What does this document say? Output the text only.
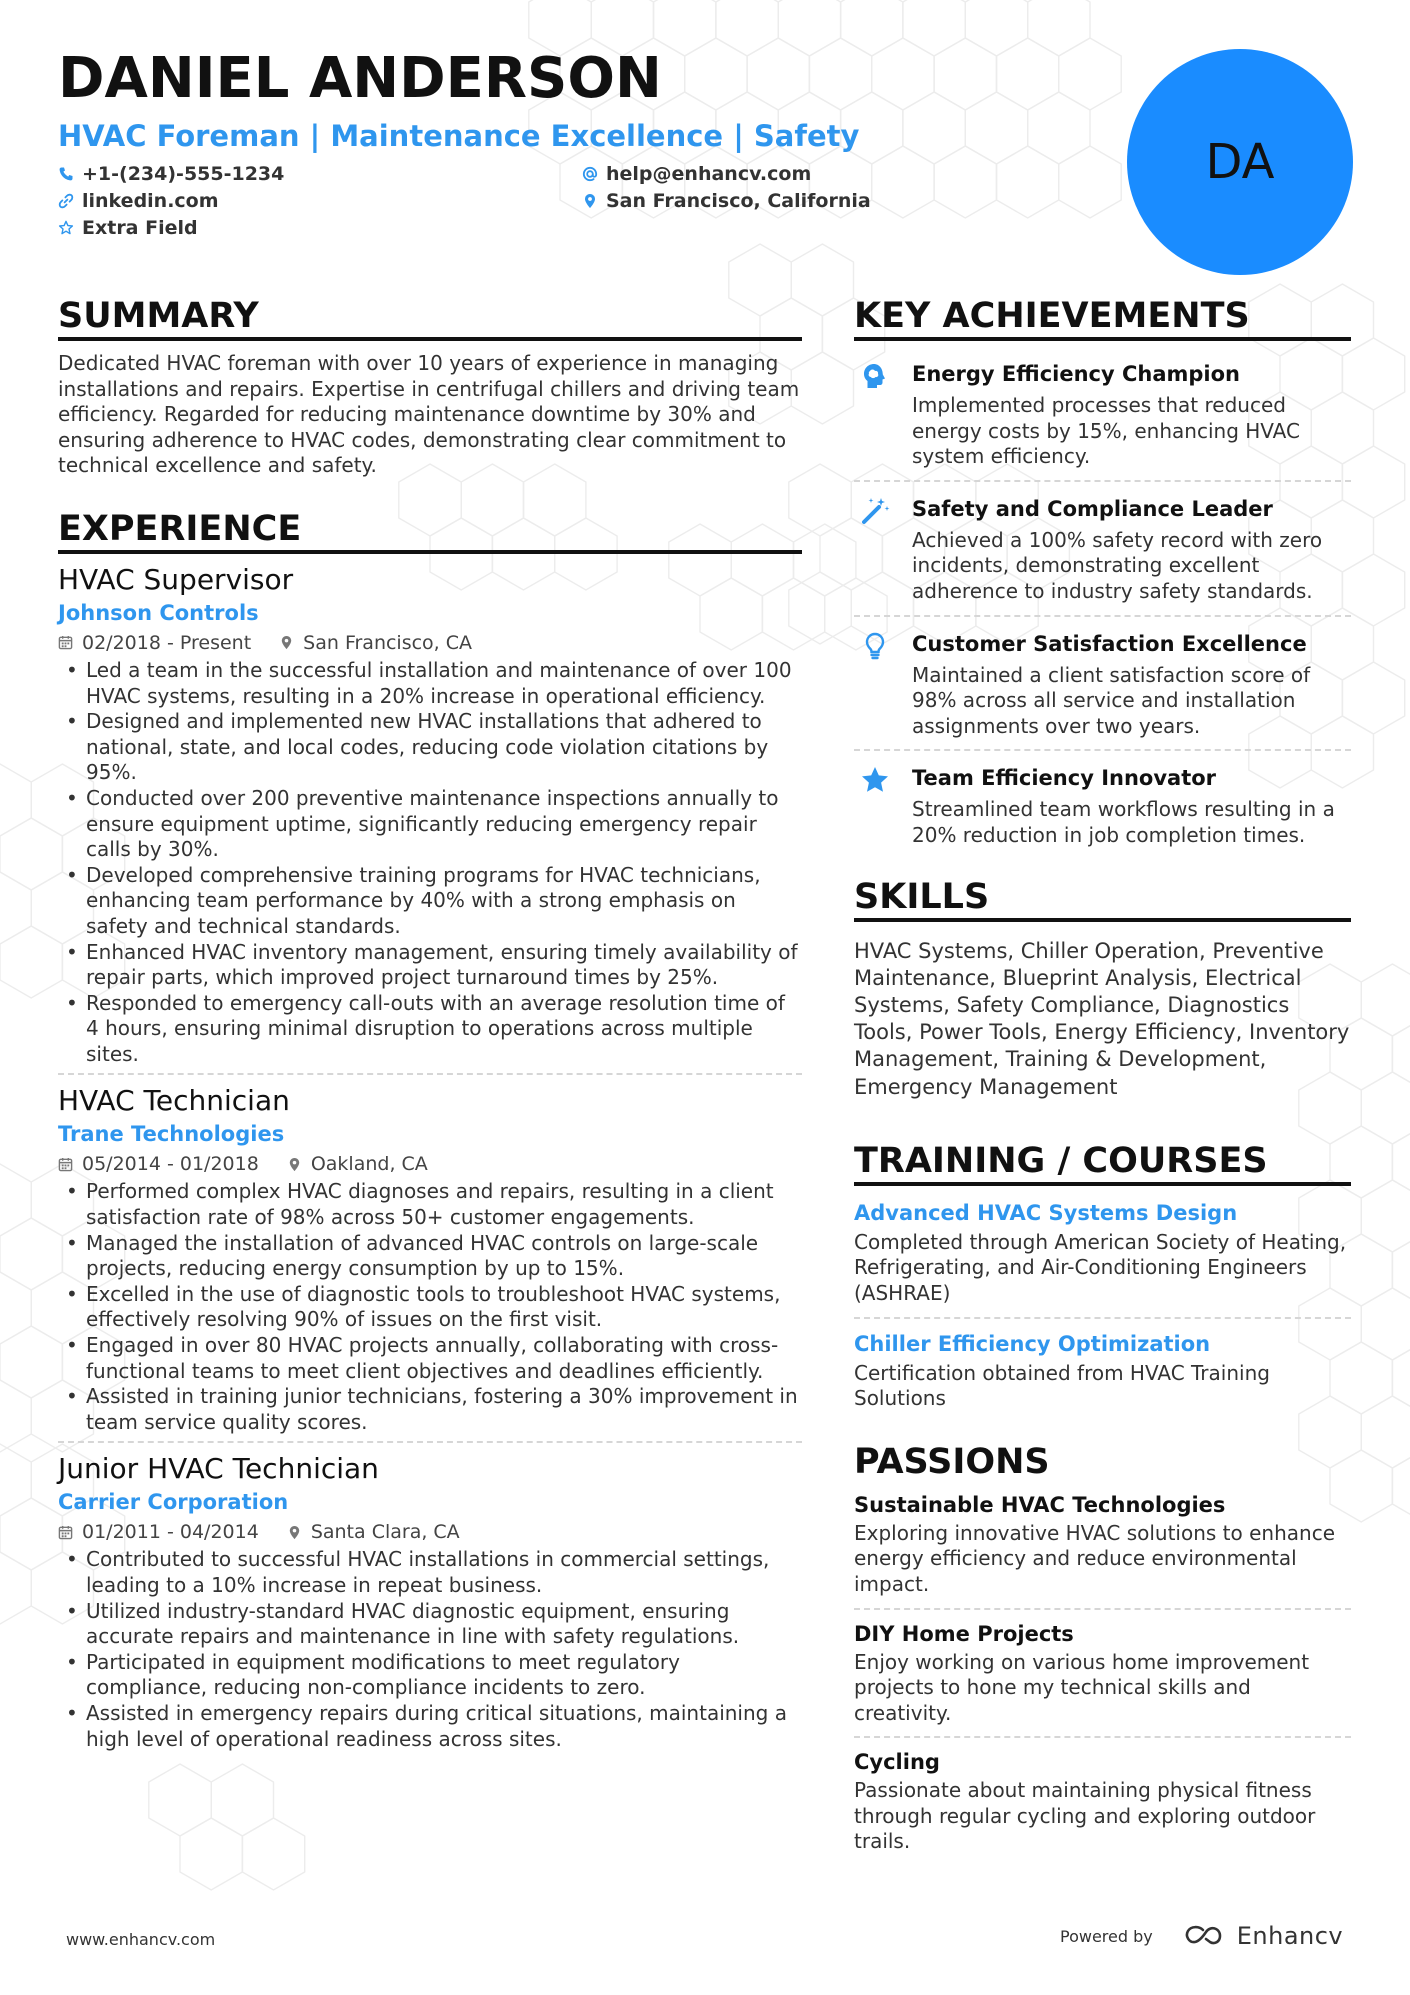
DANIEL ANDERSON
HVAC Foreman | Maintenance Excellence | Safety
+1-(234)-555-1234	help@enhancv.com
linkedin.com	San Francisco, California
Extra Field
DA
SUMMARY
Dedicated HVAC foreman with over 10 years of experience in managing installations and repairs. Expertise in centrifugal chillers and driving team efficiency. Regarded for reducing maintenance downtime by 30% and ensuring adherence to HVAC codes, demonstrating clear commitment to technical excellence and safety.
EXPERIENCE
HVAC Supervisor
Johnson Controls
02/2018 - Present	San Francisco, CA
• Led a team in the successful installation and maintenance of over 100 HVAC systems, resulting in a 20% increase in operational efficiency.
• Designed and implemented new HVAC installations that adhered to national, state, and local codes, reducing code violation citations by 95%.
• Conducted over 200 preventive maintenance inspections annually to ensure equipment uptime, significantly reducing emergency repair calls by 30%.
• Developed comprehensive training programs for HVAC technicians, enhancing team performance by 40% with a strong emphasis on safety and technical standards.
• Enhanced HVAC inventory management, ensuring timely availability of repair parts, which improved project turnaround times by 25%.
• Responded to emergency call-outs with an average resolution time of 4 hours, ensuring minimal disruption to operations across multiple sites.
HVAC Technician
Trane Technologies
05/2014 - 01/2018	Oakland, CA
• Performed complex HVAC diagnoses and repairs, resulting in a client satisfaction rate of 98% across 50+ customer engagements.
• Managed the installation of advanced HVAC controls on large-scale projects, reducing energy consumption by up to 15%.
• Excelled in the use of diagnostic tools to troubleshoot HVAC systems, effectively resolving 90% of issues on the first visit.
• Engaged in over 80 HVAC projects annually, collaborating with cross-functional teams to meet client objectives and deadlines efficiently.
• Assisted in training junior technicians, fostering a 30% improvement in team service quality scores.
Junior HVAC Technician
Carrier Corporation
01/2011 - 04/2014	Santa Clara, CA
• Contributed to successful HVAC installations in commercial settings, leading to a 10% increase in repeat business.
• Utilized industry-standard HVAC diagnostic equipment, ensuring accurate repairs and maintenance in line with safety regulations.
• Participated in equipment modifications to meet regulatory compliance, reducing non-compliance incidents to zero.
• Assisted in emergency repairs during critical situations, maintaining a high level of operational readiness across sites.
KEY ACHIEVEMENTS
Energy Efficiency Champion
Implemented processes that reduced energy costs by 15%, enhancing HVAC system efficiency.
Safety and Compliance Leader
Achieved a 100% safety record with zero incidents, demonstrating excellent adherence to industry safety standards.
Customer Satisfaction Excellence
Maintained a client satisfaction score of 98% across all service and installation assignments over two years.
Team Efficiency Innovator
Streamlined team workflows resulting in a 20% reduction in job completion times.
SKILLS
HVAC Systems, Chiller Operation, Preventive Maintenance, Blueprint Analysis, Electrical Systems, Safety Compliance, Diagnostics Tools, Power Tools, Energy Efficiency, Inventory Management, Training & Development, Emergency Management
TRAINING / COURSES
Advanced HVAC Systems Design
Completed through American Society of Heating, Refrigerating, and Air-Conditioning Engineers (ASHRAE)
Chiller Efficiency Optimization
Certification obtained from HVAC Training Solutions
PASSIONS
Sustainable HVAC Technologies
Exploring innovative HVAC solutions to enhance energy efficiency and reduce environmental impact.
DIY Home Projects
Enjoy working on various home improvement projects to hone my technical skills and creativity.
Cycling
Passionate about maintaining physical fitness through regular cycling and exploring outdoor trails.
www.enhancv.com	Powered by	Enhancv
